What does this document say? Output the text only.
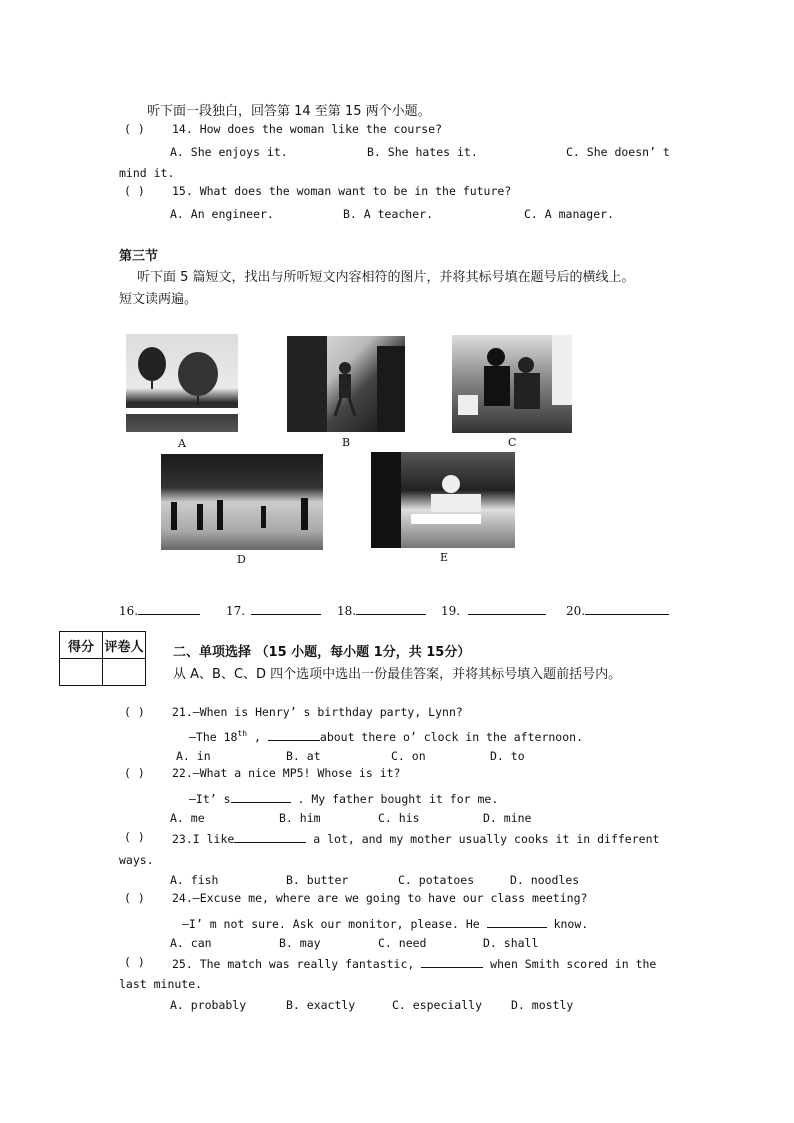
听下面一段独白，回答第 14 至第 15 两个小题。
( ) 14. How does the woman like the course?
A. She enjoys it.	B. She hates it.	C. She doesn’ t
mind it.
( ) 15. What does the woman want to be in the future?
A. An engineer.	B. A teacher.	C. A manager.
第三节
听下面 5 篇短文，找出与所听短文内容相符的图片，并将其标号填在题号后的横线上。
短文读两遍。
A	B	C
D	E
16.	17.	18.	19.	20.
得分	评卷人
	二、单项选择 （15 小题，每小题 1分，共 15分）
从 A、B、C、D 四个选项中选出一份最佳答案，并将其标号填入题前括号内。
( ) 21.—When is Henry’ s birthday party, Lynn?
—The 18th ,	about there o’ clock in the afternoon.
A. in	B. at	C. on	D. to
( ) 22.—What a nice MP5! Whose is it?
—It’ s	. My father bought it for me.
A. me	B. him	C. his	D. mine
( ) 23.I like	a lot, and my mother usually cooks it in different
ways.
A. fish	B. butter	C. potatoes	D. noodles
( ) 24.—Excuse me, where are we going to have our class meeting?
—I’ m not sure. Ask our monitor, please. He	know.
A. can	B. may	C. need	D. shall
( ) 25. The match was really fantastic,	when Smith scored in the
last minute.
A. probably	B. exactly	C. especially	D. mostly
